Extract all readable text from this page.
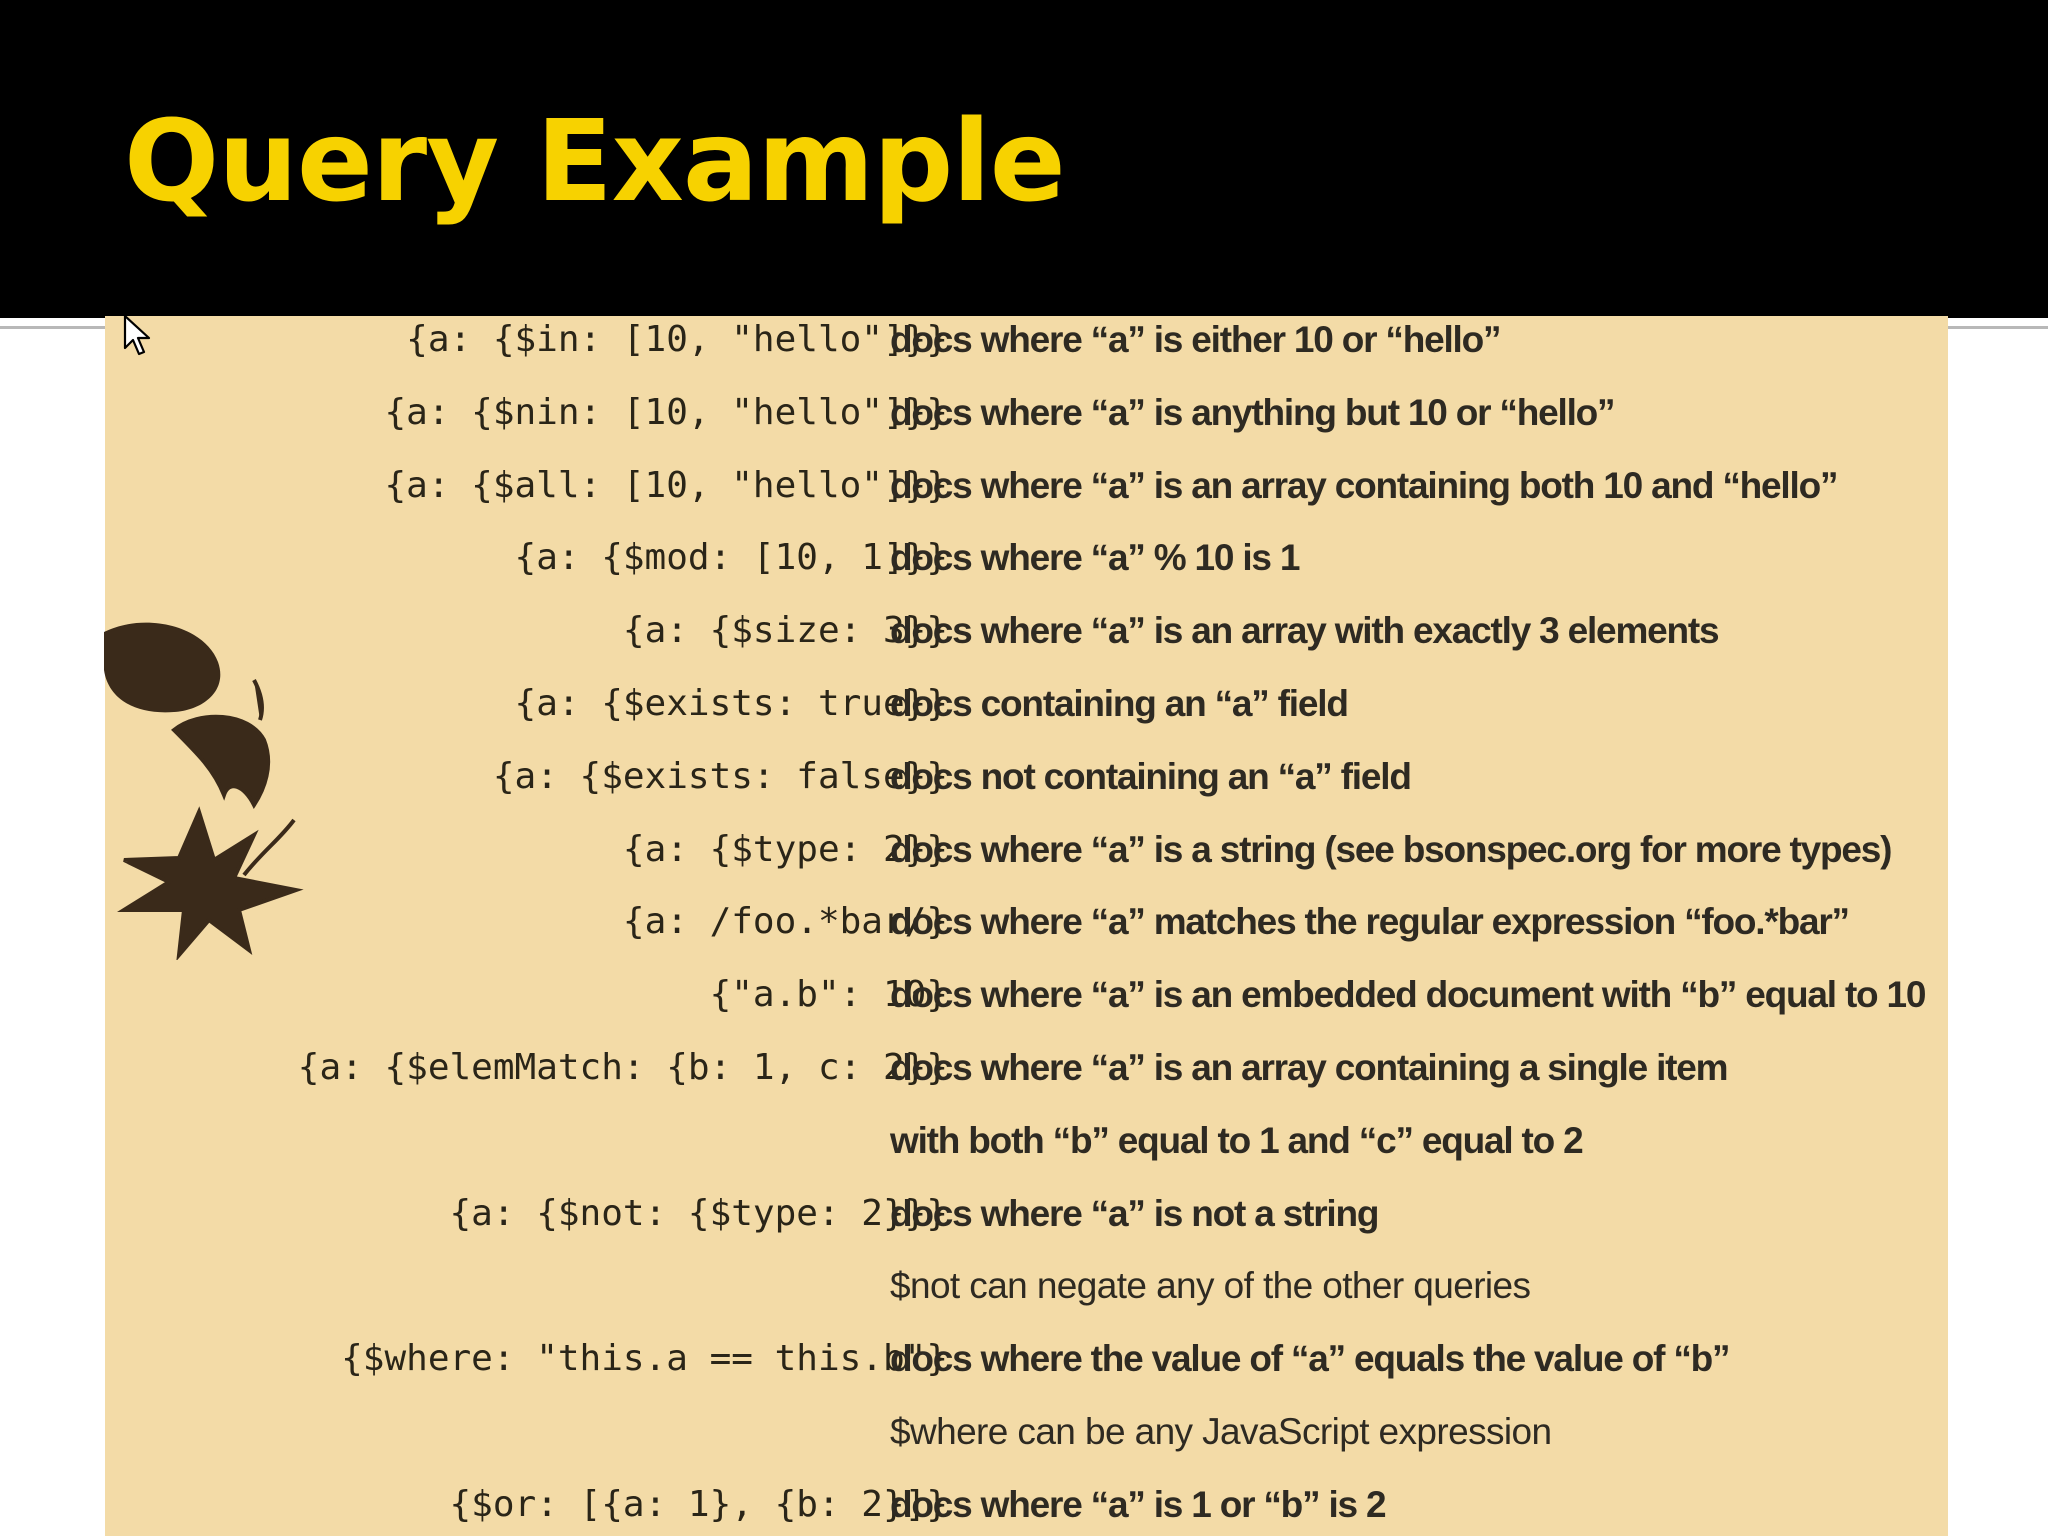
Query Example
{a: {$in: [10, "hello"]}}
docs where “a” is either 10 or “hello”
{a: {$nin: [10, "hello"]}}
docs where “a” is anything but 10 or “hello”
{a: {$all: [10, "hello"]}}
docs where “a” is an array containing both 10 and “hello”
{a: {$mod: [10, 1]}}
docs where “a” % 10 is 1
{a: {$size: 3}}
docs where “a” is an array with exactly 3 elements
{a: {$exists: true}}
docs containing an “a” field
{a: {$exists: false}}
docs not containing an “a” field
{a: {$type: 2}}
docs where “a” is a string (see bsonspec.org for more types)
{a: /foo.*bar/}
docs where “a” matches the regular expression “foo.*bar”
{"a.b": 10}
docs where “a” is an embedded document with “b” equal to 10
{a: {$elemMatch: {b: 1, c: 2}}
docs where “a” is an array containing a single item
with both “b” equal to 1 and “c” equal to 2
{a: {$not: {$type: 2}}}
docs where “a” is not a string
$not can negate any of the other queries
{$where: "this.a == this.b"}
docs where the value of “a” equals the value of “b”
$where can be any JavaScript expression
{$or: [{a: 1}, {b: 2}]}
docs where “a” is 1 or “b” is 2
